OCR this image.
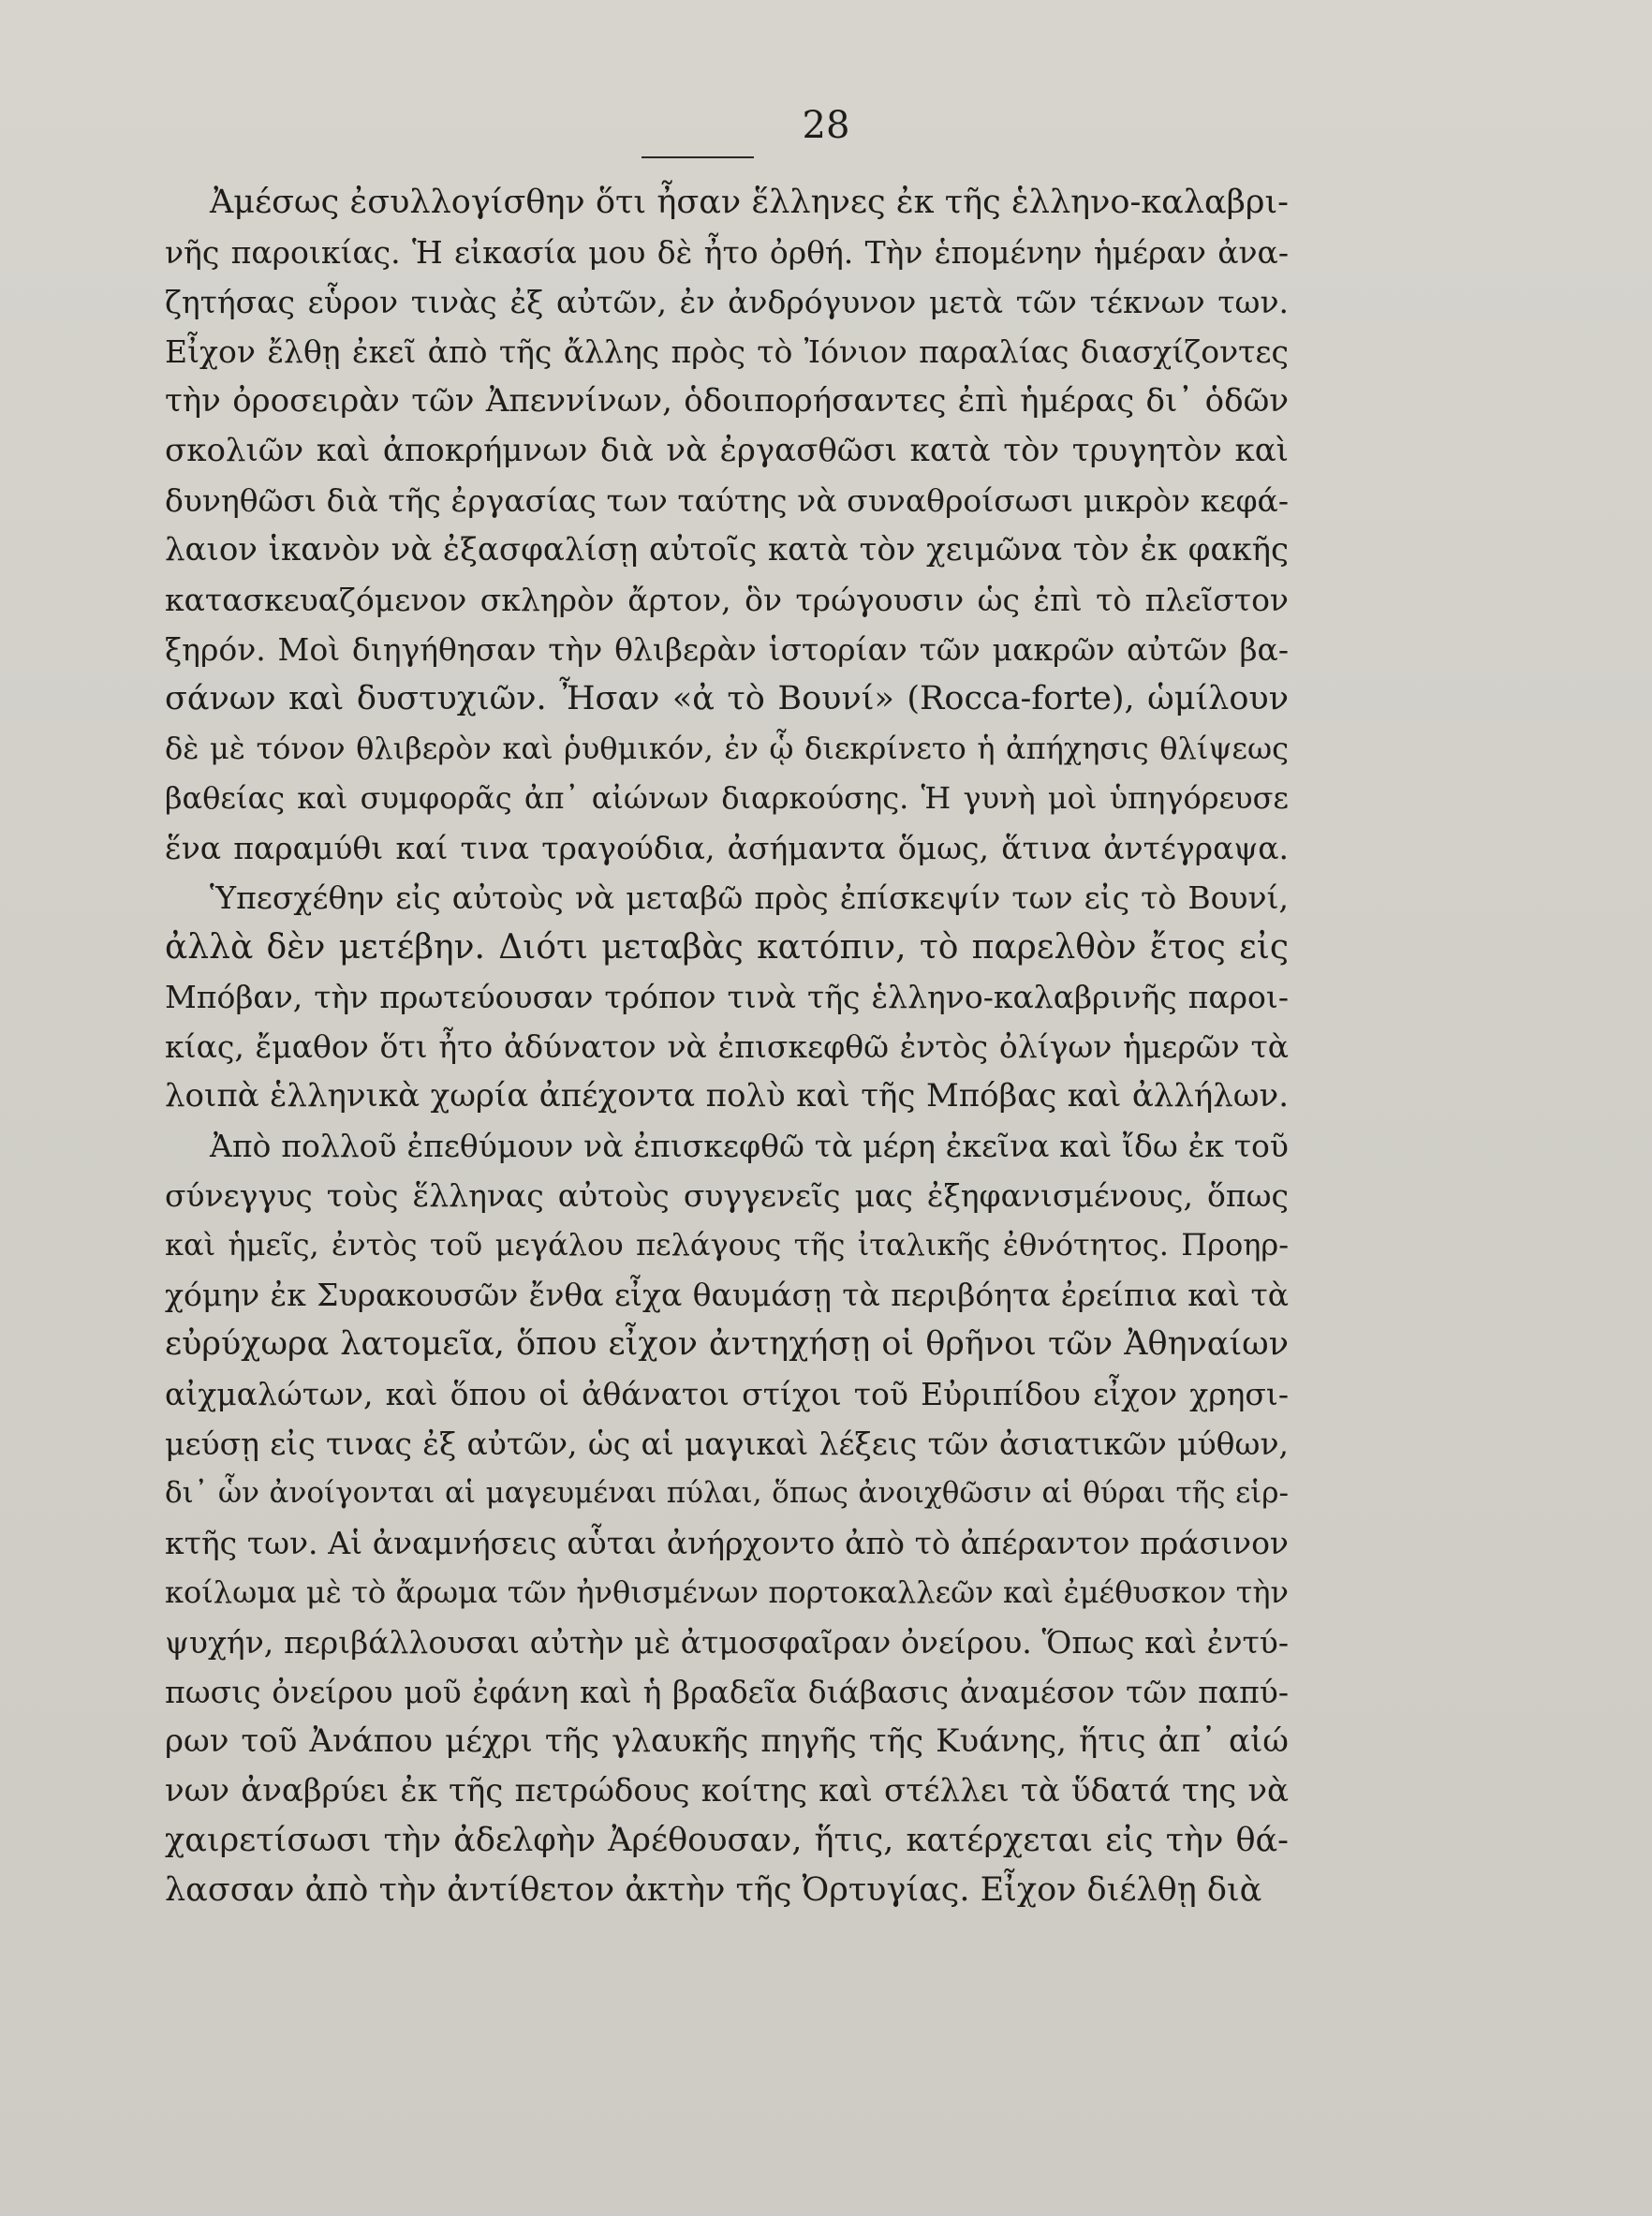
28
Ἀμέσως ἐσυλλογίσθην ὅτι ἦσαν ἕλληνες ἐκ τῆς ἑλληνο-καλαβρι-
νῆς παροικίας. Ἡ εἰκασία μου δὲ ἦτο ὀρθή. Τὴν ἑπομένην ἡμέραν ἀνα-
ζητήσας εὗρον τινὰς ἐξ αὐτῶν, ἐν ἀνδρόγυνον μετὰ τῶν τέκνων των.
Εἶχον ἔλθῃ ἐκεῖ ἀπὸ τῆς ἄλλης πρὸς τὸ Ἰόνιον παραλίας διασχίζοντες
τὴν ὀροσειρὰν τῶν Ἀπεννίνων, ὁδοιπορήσαντες ἐπὶ ἡμέρας δι᾿ ὁδῶν
σκολιῶν καὶ ἀποκρήμνων διὰ νὰ ἐργασθῶσι κατὰ τὸν τρυγητὸν καὶ
δυνηθῶσι διὰ τῆς ἐργασίας των ταύτης νὰ συναθροίσωσι μικρὸν κεφά-
λαιον ἱκανὸν νὰ ἐξασφαλίσῃ αὐτοῖς κατὰ τὸν χειμῶνα τὸν ἐκ φακῆς
κατασκευαζόμενον σκληρὸν ἄρτον, ὃν τρώγουσιν ὡς ἐπὶ τὸ πλεῖστον
ξηρόν. Μοὶ διηγήθησαν τὴν θλιβερὰν ἱστορίαν τῶν μακρῶν αὐτῶν βα-
σάνων καὶ δυστυχιῶν. Ἦσαν «ἀ τὸ Βουνί» (Rocca-forte), ὡμίλουν
δὲ μὲ τόνον θλιβερὸν καὶ ῥυθμικόν, ἐν ᾧ διεκρίνετο ἡ ἀπήχησις θλίψεως
βαθείας καὶ συμφορᾶς ἀπ᾿ αἰώνων διαρκούσης. Ἡ γυνὴ μοὶ ὑπηγόρευσε
ἕνα παραμύθι καί τινα τραγούδια, ἀσήμαντα ὅμως, ἅτινα ἀντέγραψα.
Ὑπεσχέθην εἰς αὐτοὺς νὰ μεταβῶ πρὸς ἐπίσκεψίν των εἰς τὸ Βουνί,
ἀλλὰ δὲν μετέβην. Διότι μεταβὰς κατόπιν, τὸ παρελθὸν ἔτος εἰς
Μπόβαν, τὴν πρωτεύουσαν τρόπον τινὰ τῆς ἑλληνο-καλαβρινῆς παροι-
κίας, ἔμαθον ὅτι ἦτο ἀδύνατον νὰ ἐπισκεφθῶ ἐντὸς ὀλίγων ἡμερῶν τὰ
λοιπὰ ἑλληνικὰ χωρία ἀπέχοντα πολὺ καὶ τῆς Μπόβας καὶ ἀλλήλων.
Ἀπὸ πολλοῦ ἐπεθύμουν νὰ ἐπισκεφθῶ τὰ μέρη ἐκεῖνα καὶ ἴδω ἐκ τοῦ
σύνεγγυς τοὺς ἕλληνας αὐτοὺς συγγενεῖς μας ἐξηφανισμένους, ὅπως
καὶ ἡμεῖς, ἐντὸς τοῦ μεγάλου πελάγους τῆς ἰταλικῆς ἐθνότητος. Προηρ-
χόμην ἐκ Συρακουσῶν ἔνθα εἶχα θαυμάσῃ τὰ περιβόητα ἐρείπια καὶ τὰ
εὐρύχωρα λατομεῖα, ὅπου εἶχον ἀντηχήσῃ οἱ θρῆνοι τῶν Ἀθηναίων
αἰχμαλώτων, καὶ ὅπου οἱ ἀθάνατοι στίχοι τοῦ Εὐριπίδου εἶχον χρησι-
μεύσῃ εἰς τινας ἐξ αὐτῶν, ὡς αἱ μαγικαὶ λέξεις τῶν ἀσιατικῶν μύθων,
δι᾿ ὧν ἀνοίγονται αἱ μαγευμέναι πύλαι, ὅπως ἀνοιχθῶσιν αἱ θύραι τῆς εἱρ-
κτῆς των. Αἱ ἀναμνήσεις αὗται ἀνήρχοντο ἀπὸ τὸ ἀπέραντον πράσινον
κοίλωμα μὲ τὸ ἄρωμα τῶν ἠνθισμένων πορτοκαλλεῶν καὶ ἐμέθυσκον τὴν
ψυχήν, περιβάλλουσαι αὐτὴν μὲ ἀτμοσφαῖραν ὀνείρου. Ὅπως καὶ ἐντύ-
πωσις ὀνείρου μοῦ ἐφάνη καὶ ἡ βραδεῖα διάβασις ἀναμέσον τῶν παπύ-
ρων τοῦ Ἀνάπου μέχρι τῆς γλαυκῆς πηγῆς τῆς Κυάνης, ἥτις ἀπ᾿ αἰώ
νων ἀναβρύει ἐκ τῆς πετρώδους κοίτης καὶ στέλλει τὰ ὕδατά της νὰ
χαιρετίσωσι τὴν ἀδελφὴν Ἀρέθουσαν, ἥτις, κατέρχεται εἰς τὴν θά-
λασσαν ἀπὸ τὴν ἀντίθετον ἀκτὴν τῆς Ὀρτυγίας. Εἶχον διέλθῃ διὰ
